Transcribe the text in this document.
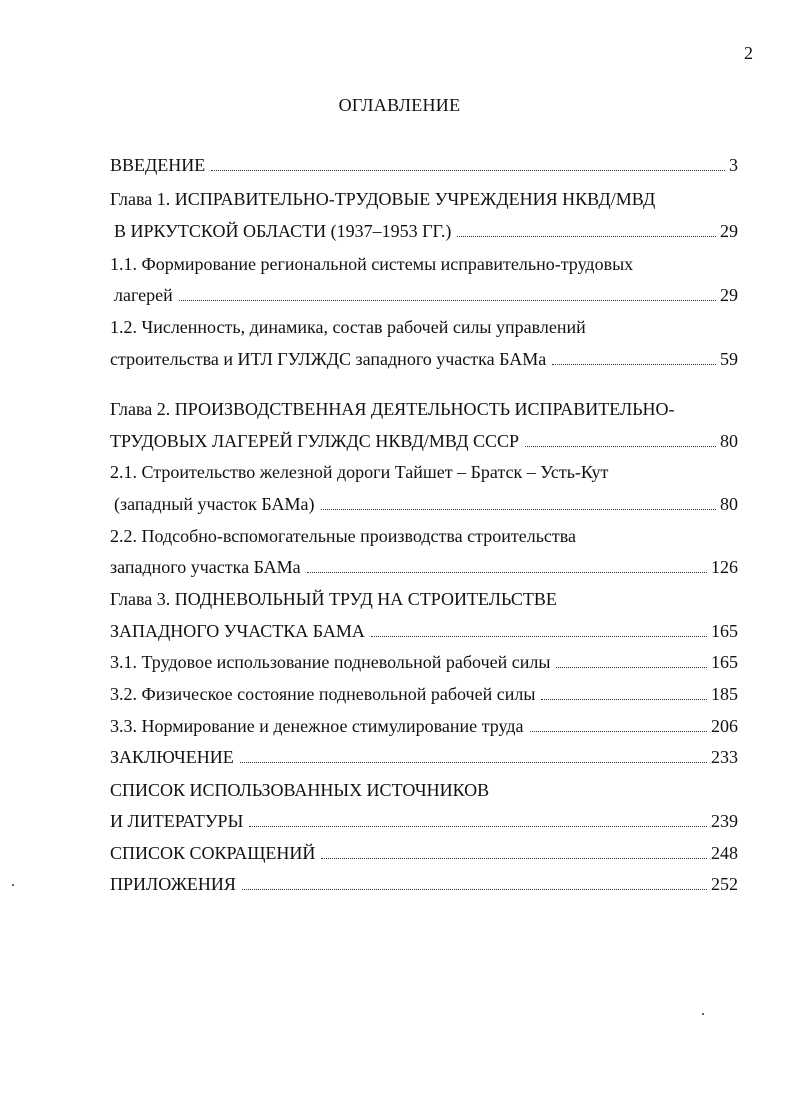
2
ОГЛАВЛЕНИЕ
ВВЕДЕНИЕ	3
Глава 1. ИСПРАВИТЕЛЬНО-ТРУДОВЫЕ УЧРЕЖДЕНИЯ НКВД/МВД
В ИРКУТСКОЙ ОБЛАСТИ (1937–1953 ГГ.)	29
1.1. Формирование региональной системы исправительно-трудовых
лагерей	29
1.2. Численность, динамика, состав рабочей силы управлений
строительства и ИТЛ ГУЛЖДС западного участка БАМа	59
Глава 2. ПРОИЗВОДСТВЕННАЯ ДЕЯТЕЛЬНОСТЬ ИСПРАВИТЕЛЬНО-
ТРУДОВЫХ ЛАГЕРЕЙ ГУЛЖДС НКВД/МВД СССР	80
2.1. Строительство железной дороги Тайшет – Братск – Усть-Кут
(западный участок БАМа)	80
2.2. Подсобно-вспомогательные производства строительства
западного участка БАМа	126
Глава 3. ПОДНЕВОЛЬНЫЙ ТРУД НА СТРОИТЕЛЬСТВЕ
ЗАПАДНОГО УЧАСТКА БАМА	165
3.1. Трудовое использование подневольной рабочей силы	165
3.2. Физическое состояние подневольной рабочей силы	185
3.3. Нормирование и денежное стимулирование труда	206
ЗАКЛЮЧЕНИЕ	233
СПИСОК ИСПОЛЬЗОВАННЫХ ИСТОЧНИКОВ
И ЛИТЕРАТУРЫ	239
СПИСОК СОКРАЩЕНИЙ	248
ПРИЛОЖЕНИЯ	252
